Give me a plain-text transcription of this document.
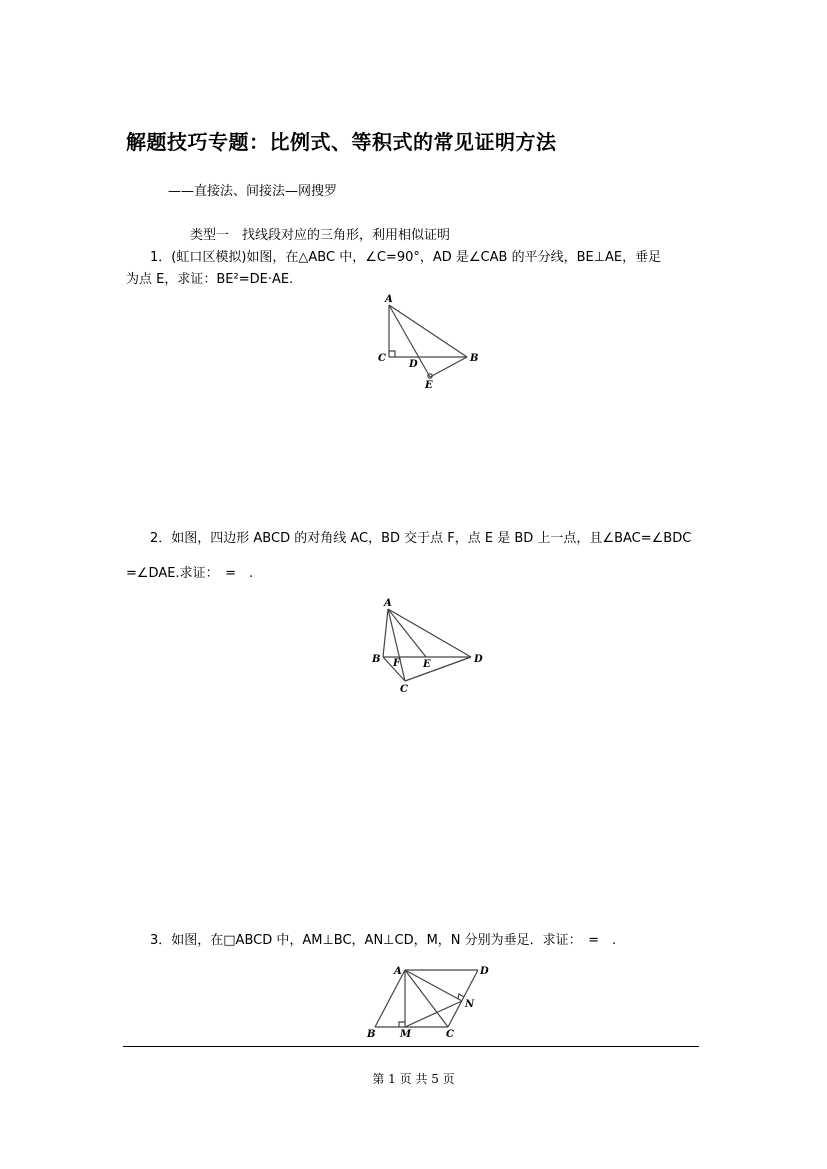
解题技巧专题：比例式、等积式的常见证明方法
——直接法、间接法—网搜罗
类型一　找线段对应的三角形，利用相似证明
1．(虹口区模拟)如图，在△ABC 中，∠C=90°，AD 是∠CAB 的平分线，BE⊥AE，垂足
为点 E，求证：BE²=DE·AE.
A
B
C
D
E
2．如图，四边形 ABCD 的对角线 AC，BD 交于点 F，点 E 是 BD 上一点，且∠BAC=∠BDC
=∠DAE.求证：　=　.
A
B
C
D
E
F
3．如图，在□ABCD 中，AM⊥BC，AN⊥CD，M，N 分别为垂足．求证：　=　.
A	D
B M	C
N
第 1 页 共 5 页
